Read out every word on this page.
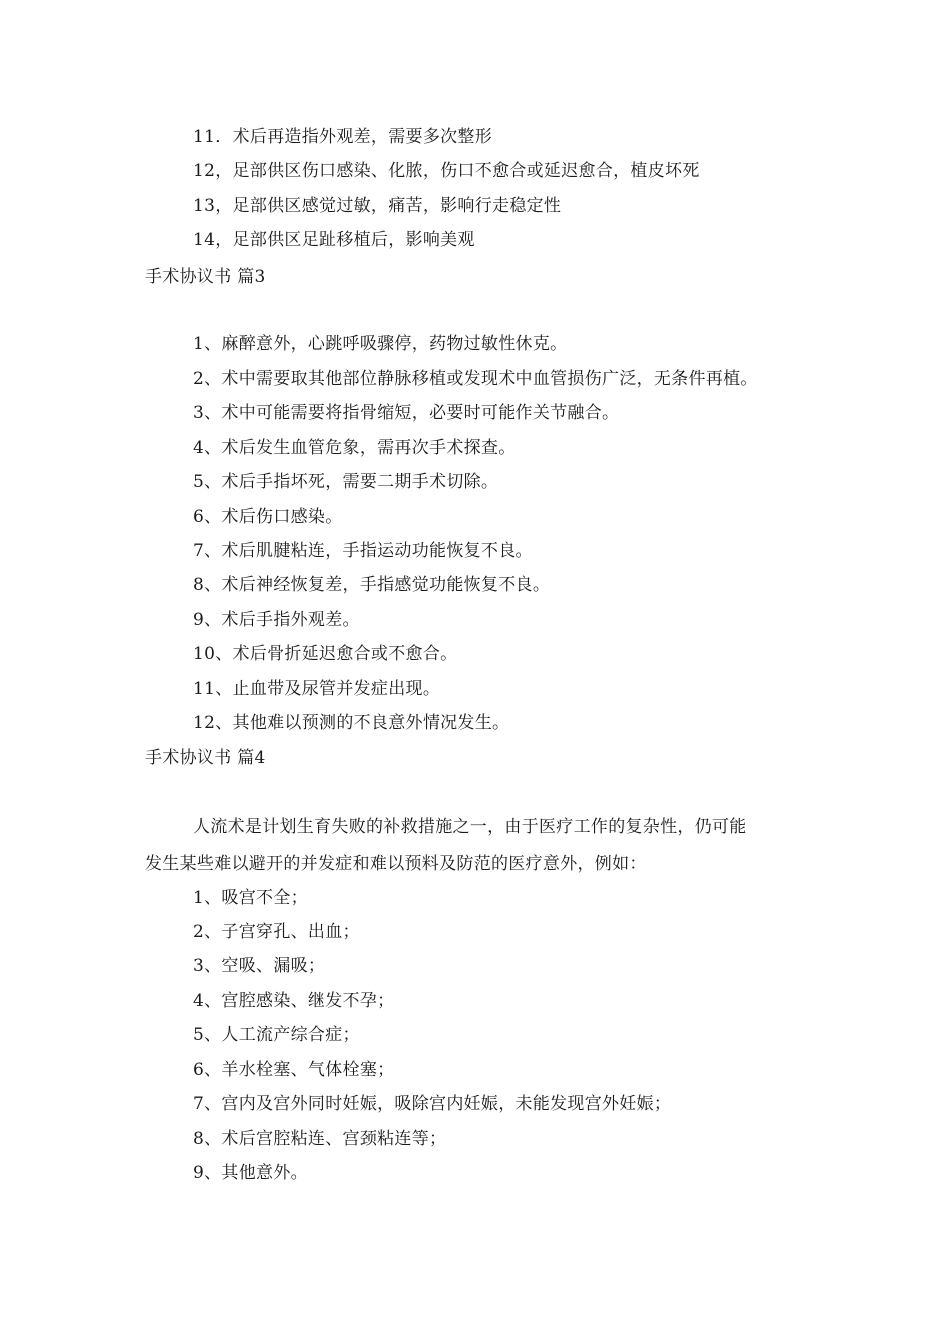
11．术后再造指外观差，需要多次整形
12，足部供区伤口感染、化脓，伤口不愈合或延迟愈合，植皮坏死
13，足部供区感觉过敏，痛苦，影响行走稳定性
14，足部供区足趾移植后，影响美观
手术协议书 篇3
1、麻醉意外，心跳呼吸骤停，药物过敏性休克。
2、术中需要取其他部位静脉移植或发现术中血管损伤广泛，无条件再植。
3、术中可能需要将指骨缩短，必要时可能作关节融合。
4、术后发生血管危象，需再次手术探查。
5、术后手指坏死，需要二期手术切除。
6、术后伤口感染。
7、术后肌腱粘连，手指运动功能恢复不良。
8、术后神经恢复差，手指感觉功能恢复不良。
9、术后手指外观差。
10、术后骨折延迟愈合或不愈合。
11、止血带及尿管并发症出现。
12、其他难以预测的不良意外情况发生。
手术协议书 篇4
人流术是计划生育失败的补救措施之一，由于医疗工作的复杂性，仍可能
发生某些难以避开的并发症和难以预料及防范的医疗意外，例如：
1、吸宫不全；
2、子宫穿孔、出血；
3、空吸、漏吸；
4、宫腔感染、继发不孕；
5、人工流产综合症；
6、羊水栓塞、气体栓塞；
7、宫内及宫外同时妊娠，吸除宫内妊娠，未能发现宫外妊娠；
8、术后宫腔粘连、宫颈粘连等；
9、其他意外。
